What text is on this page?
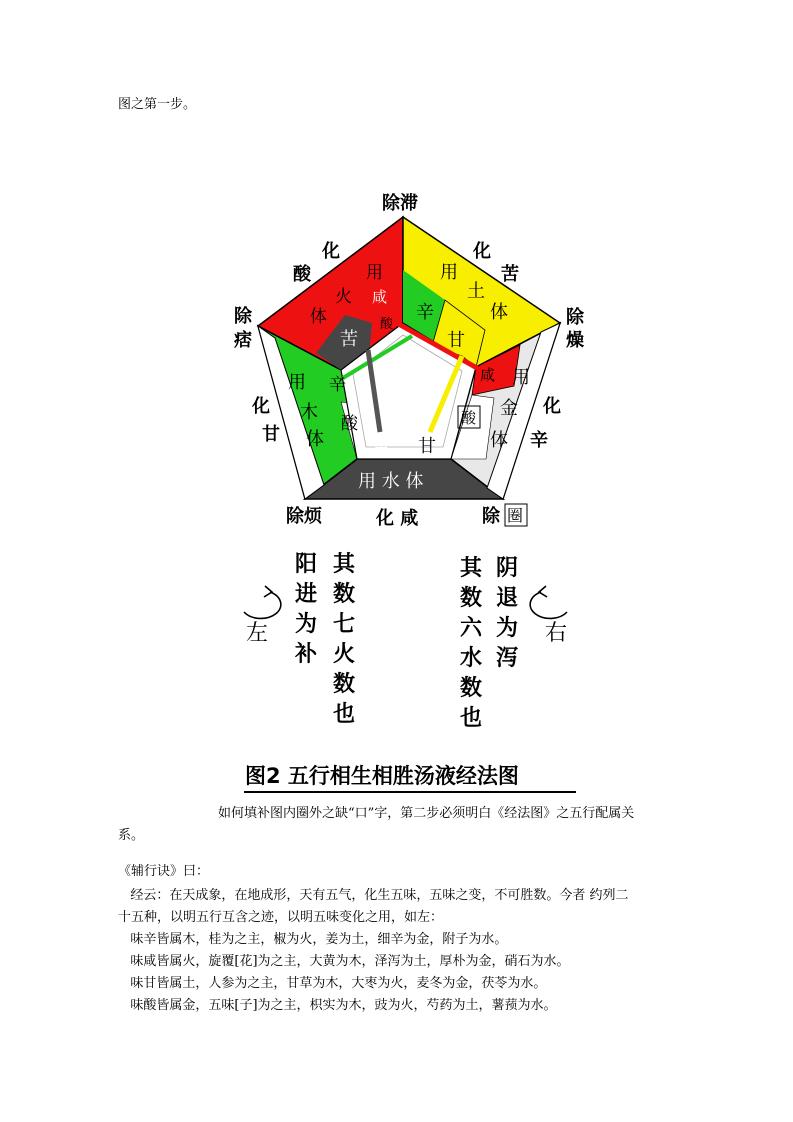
图之第一步。

用
火
体
咸
苦
酸
用
土
体
辛
甘
咸 用
金
体
酸
用
木
体
辛
酸
苦 甘
用 水 体
除滞
除
燥
除
痞
除烦	除 圈
化
酸
化
苦
化
辛
化
甘
化 咸
左	右
阳
进
为
补
其
数
七
火
数
也
其
数
六
水
数
也
阴
退
为
泻
图2 五行相生相胜汤液经法图

如何填补图内圈外之缺“口”字，第二步必须明白《经法图》之五行配属关

系。

《辅行诀》曰：

经云：在天成象，在地成形，天有五气，化生五味，五味之变，不可胜数。今者 约列二

十五种，以明五行互含之迹，以明五味变化之用，如左：

味辛皆属木，桂为之主，椒为火，姜为土，细辛为金，附子为水。

味咸皆属火，旋覆[花]为之主，大黄为木，泽泻为土，厚朴为金，硝石为水。

味甘皆属土，人参为之主，甘草为木，大枣为火，麦冬为金，茯苓为水。

味酸皆属金，五味[子]为之主，枳实为木，豉为火，芍药为土，薯蓣为水。
